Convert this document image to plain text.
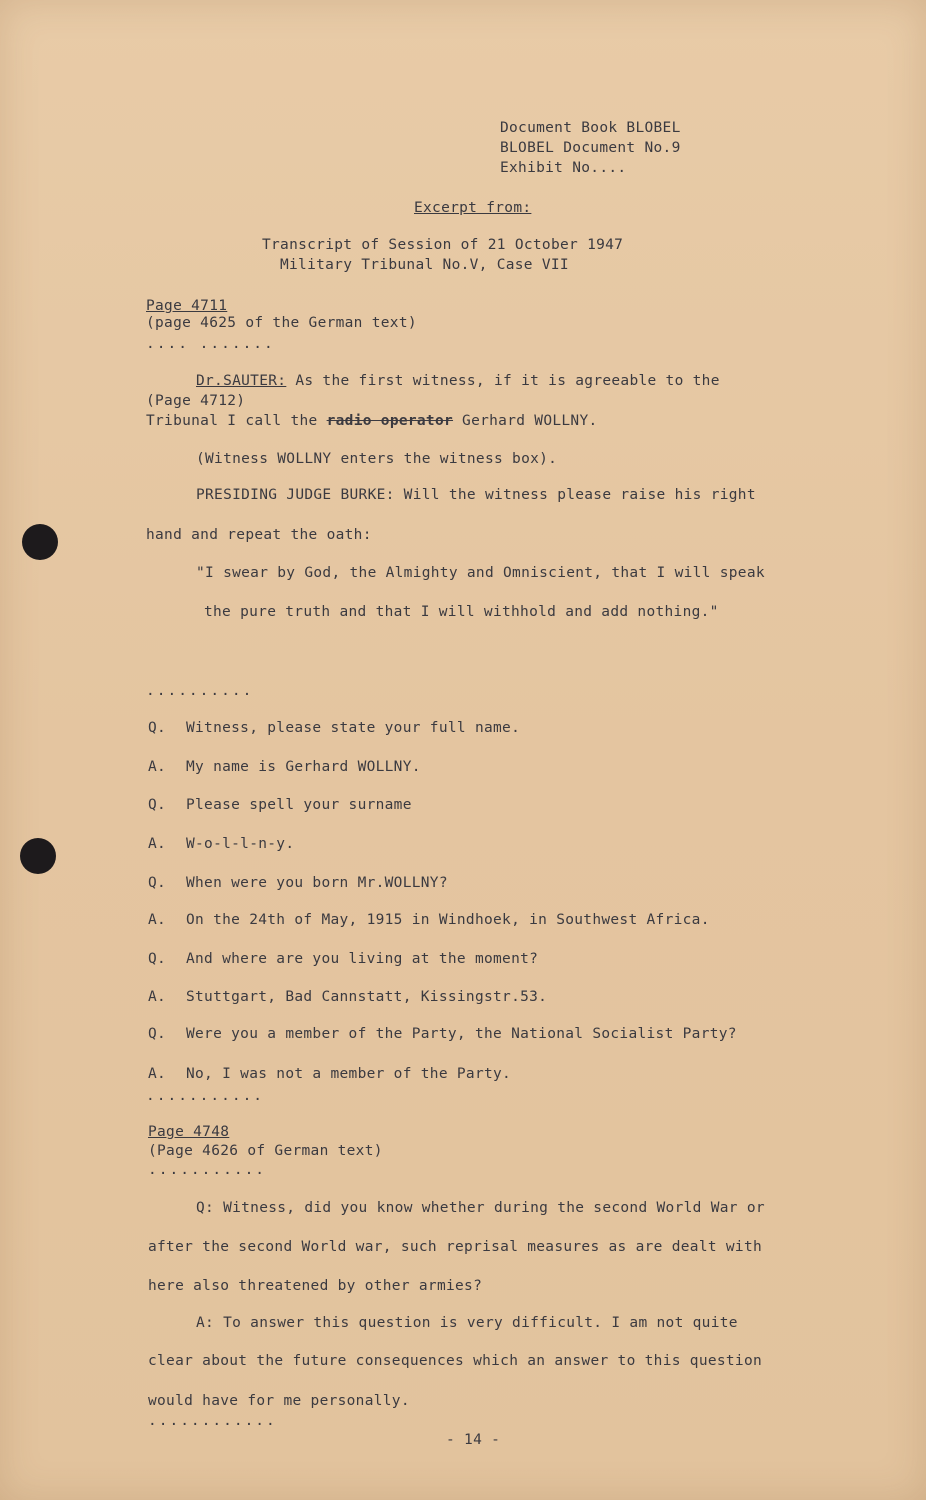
Document Book BLOBEL
BLOBEL Document No.9
Exhibit No....
Excerpt from:
Transcript of Session of 21 October 1947
Military Tribunal No.V, Case VII
Page 4711
(page 4625 of the German text)
.... .......
Dr.SAUTER: As the first witness, if it is agreeable to the
(Page 4712)
Tribunal I call the radio operator Gerhard WOLLNY.
(Witness WOLLNY enters the witness box).
PRESIDING JUDGE BURKE: Will the witness please raise his right
hand and repeat the oath:
"I swear by God, the Almighty and Omniscient, that I will speak
the pure truth and that I will withhold and add nothing."
..........
Q. Witness, please state your full name.
A. My name is Gerhard WOLLNY.
Q. Please spell your surname
A. W-o-l-l-n-y.
Q. When were you born Mr.WOLLNY?
A. On the 24th of May, 1915 in Windhoek, in Southwest Africa.
Q. And where are you living at the moment?
A. Stuttgart, Bad Cannstatt, Kissingstr.53.
Q. Were you a member of the Party, the National Socialist Party?
A. No, I was not a member of the Party.
...........
Page 4748
(Page 4626 of German text)
...........
Q: Witness, did you know whether during the second World War or
after the second World war, such reprisal measures as are dealt with
here also threatened by other armies?
A: To answer this question is very difficult. I am not quite
clear about the future consequences which an answer to this question
would have for me personally.
............
- 14 -
